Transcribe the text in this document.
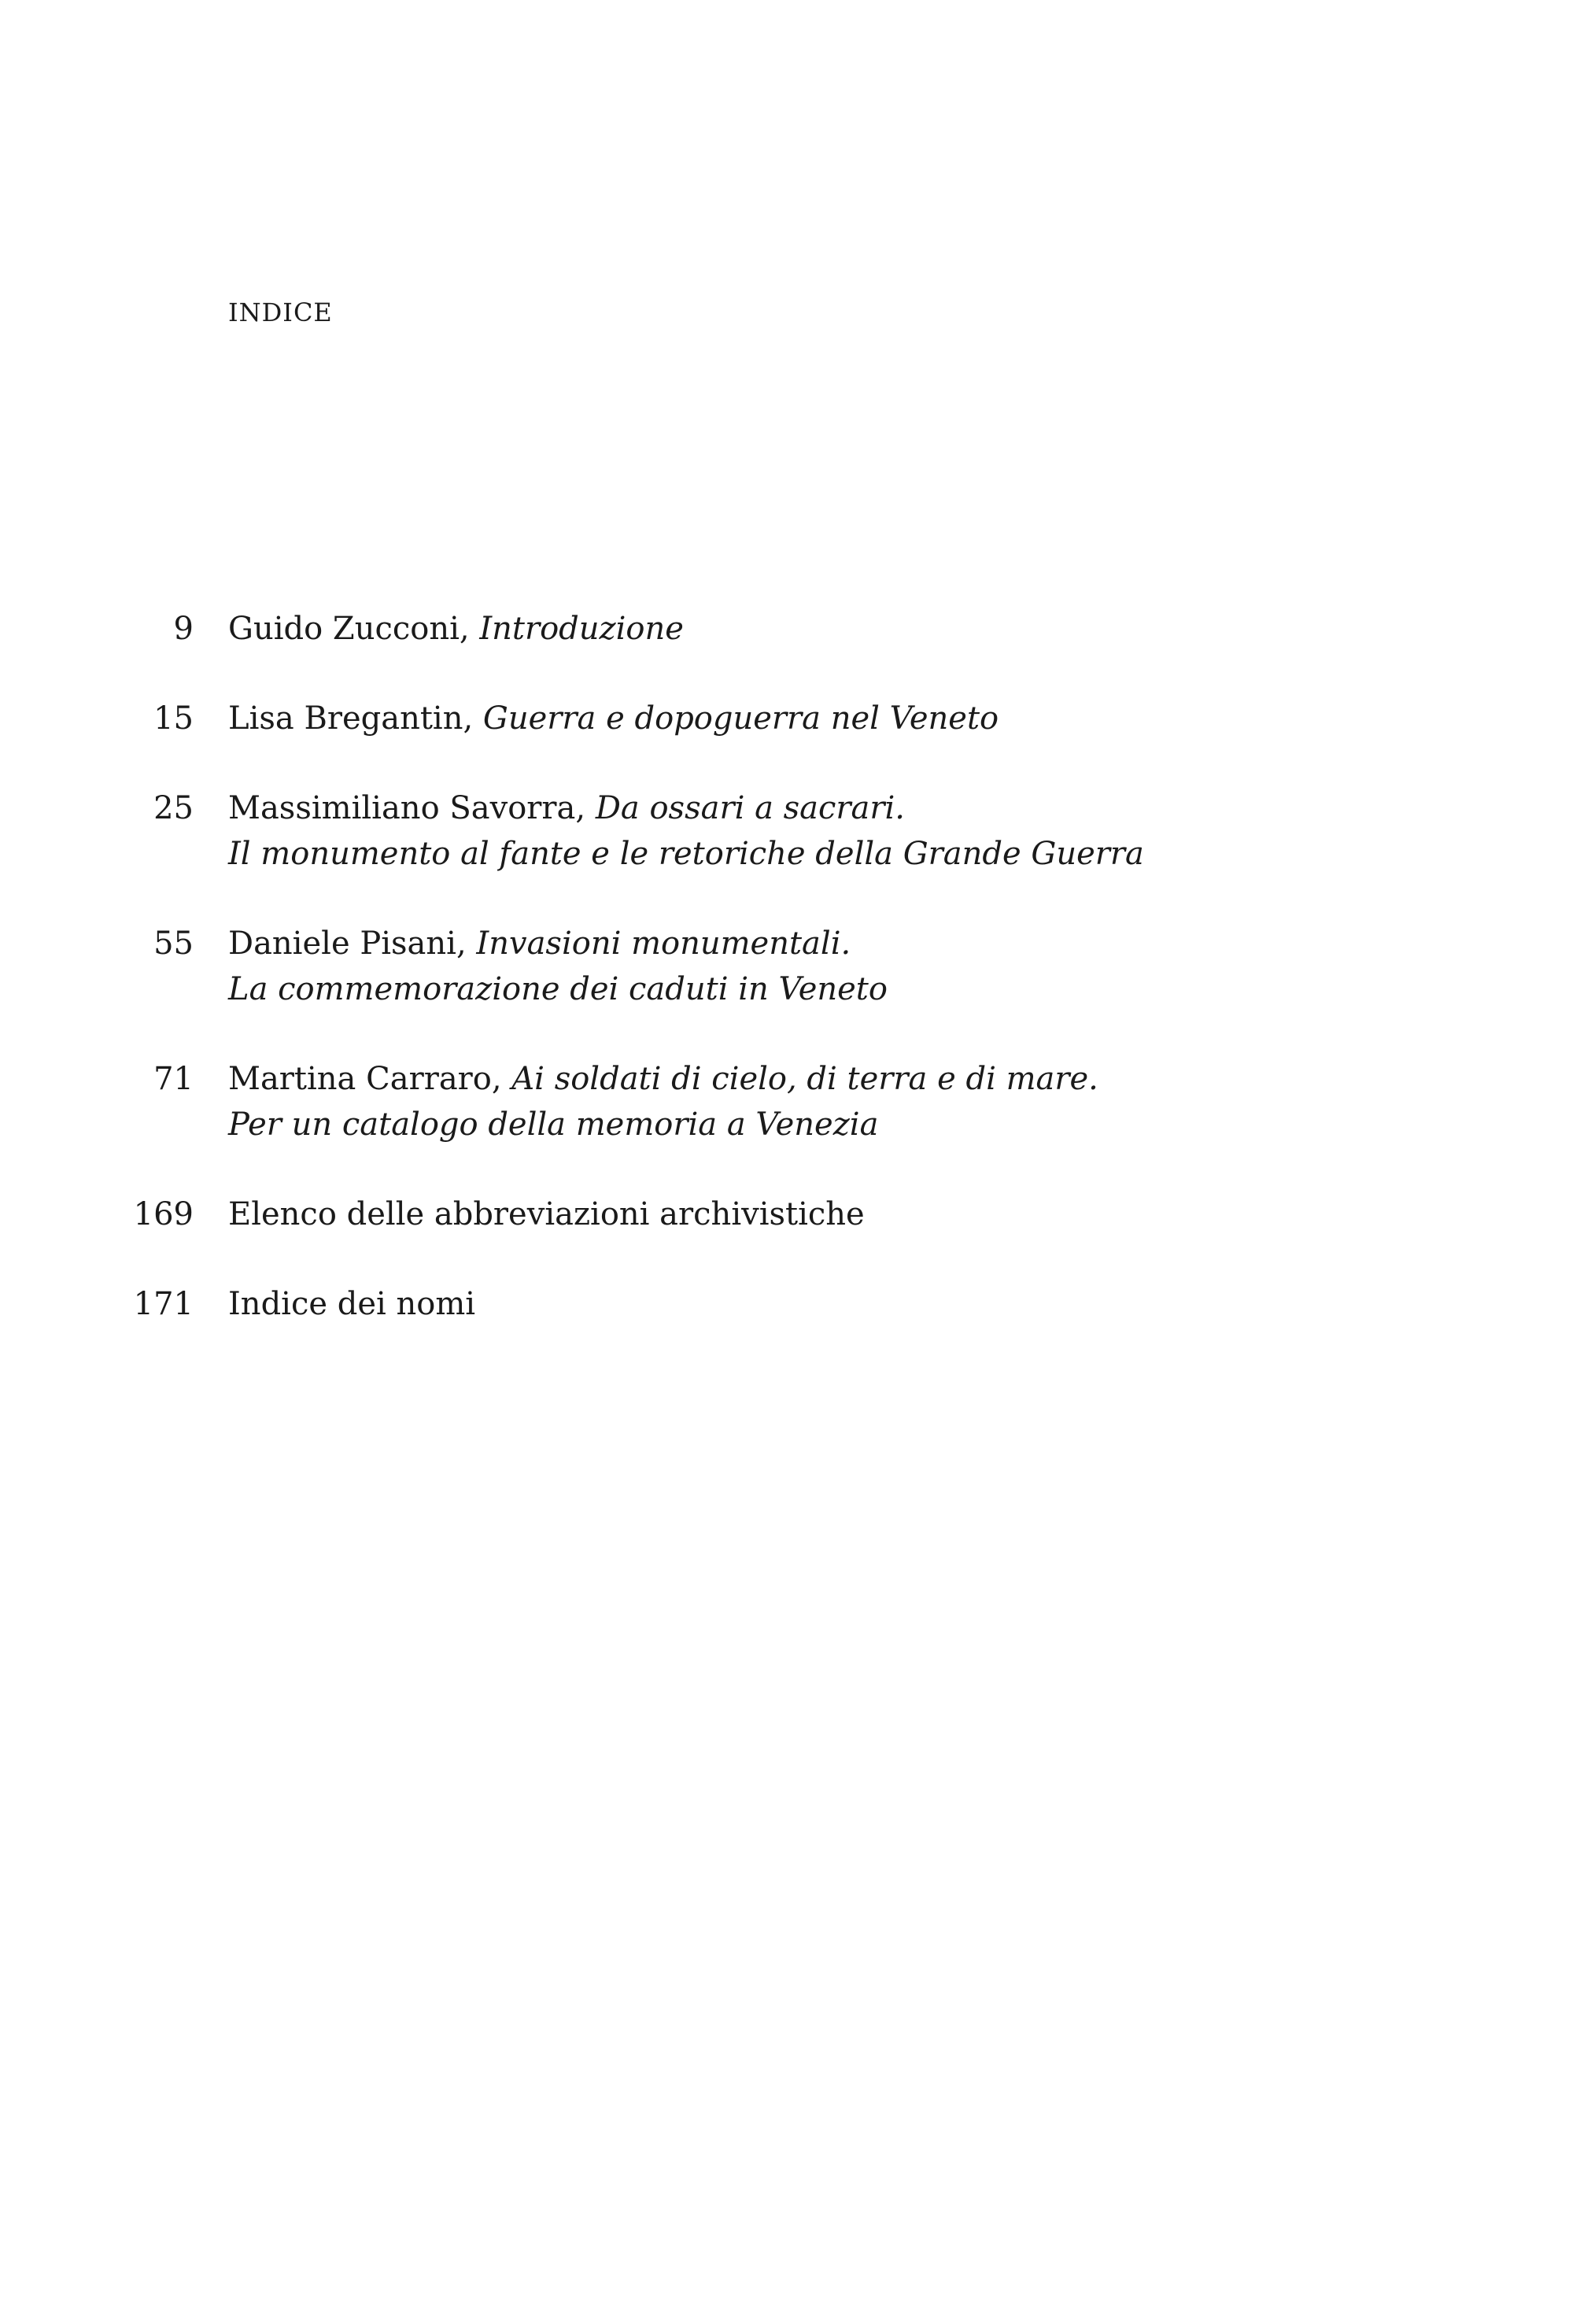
INDICE
9 Guido Zucconi, Introduzione
15 Lisa Bregantin, Guerra e dopoguerra nel Veneto
25 Massimiliano Savorra, Da ossari a sacrari.
Il monumento al fante e le retoriche della Grande Guerra
55 Daniele Pisani, Invasioni monumentali.
La commemorazione dei caduti in Veneto
71 Martina Carraro, Ai soldati di cielo, di terra e di mare.
Per un catalogo della memoria a Venezia
169 Elenco delle abbreviazioni archivistiche
171 Indice dei nomi
